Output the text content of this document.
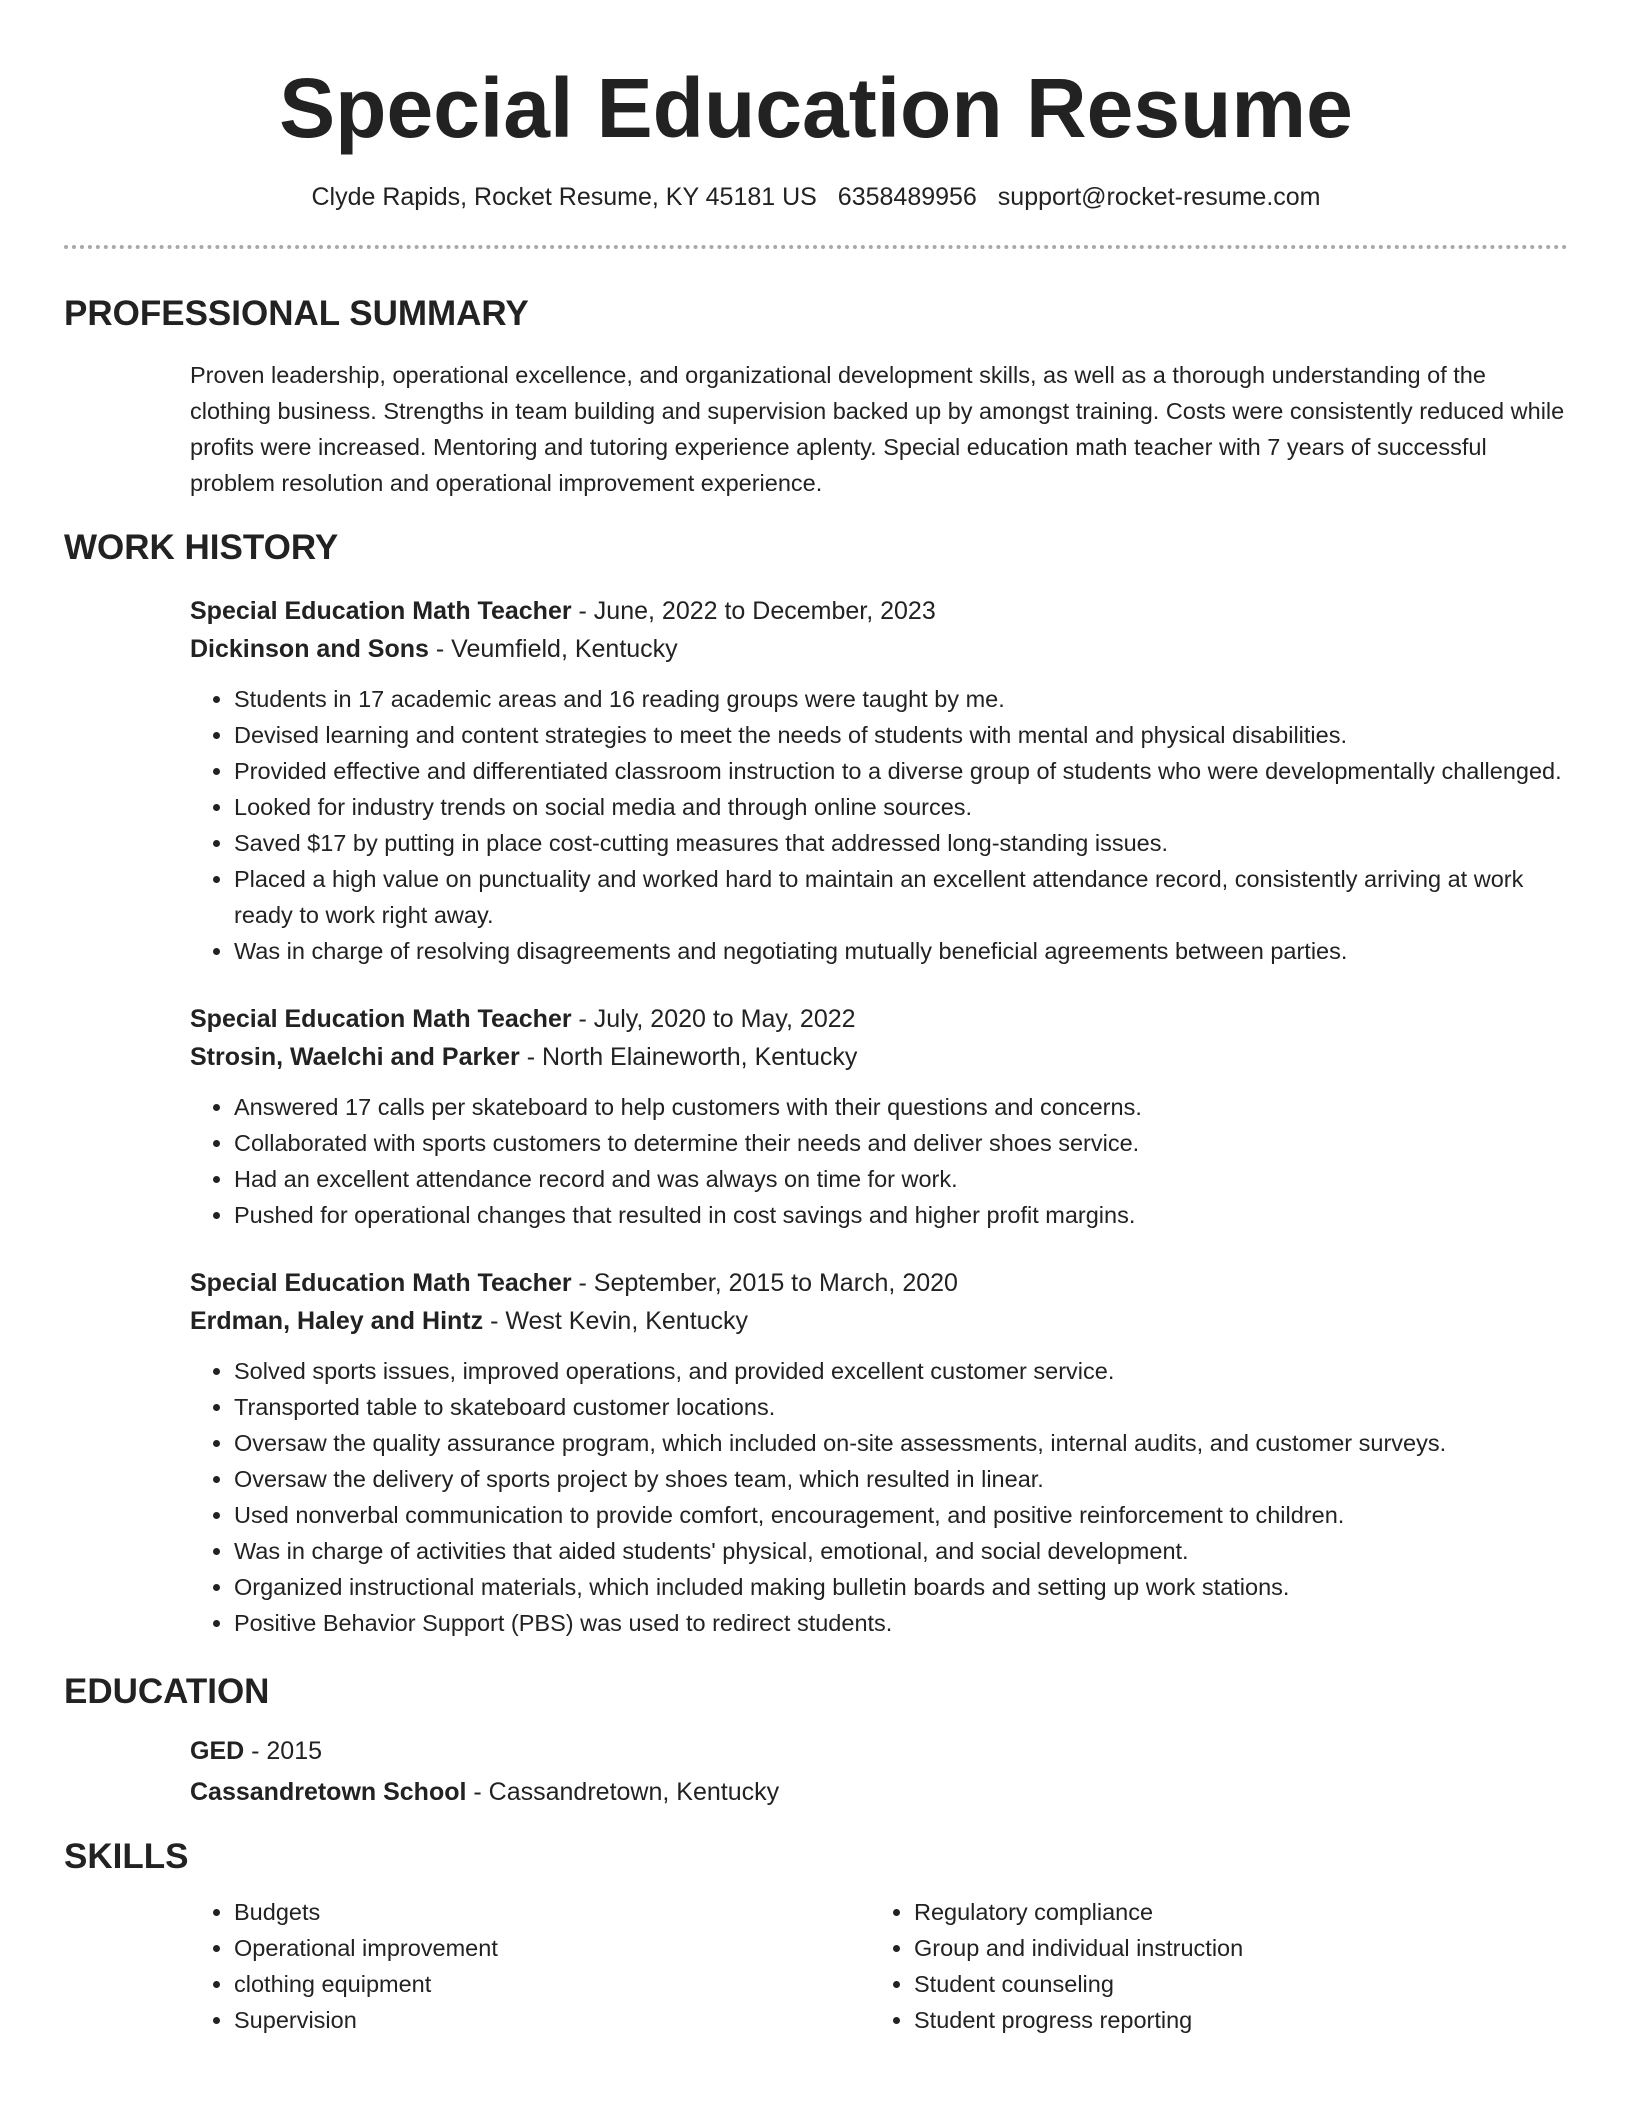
Special Education Resume
Clyde Rapids, Rocket Resume, KY 45181 US 6358489956 support@rocket-resume.com
PROFESSIONAL SUMMARY
Proven leadership, operational excellence, and organizational development skills, as well as a thorough understanding of the clothing business. Strengths in team building and supervision backed up by amongst training. Costs were consistently reduced while profits were increased. Mentoring and tutoring experience aplenty. Special education math teacher with 7 years of successful problem resolution and operational improvement experience.
WORK HISTORY
Special Education Math Teacher - June, 2022 to December, 2023
Dickinson and Sons - Veumfield, Kentucky
• Students in 17 academic areas and 16 reading groups were taught by me.
• Devised learning and content strategies to meet the needs of students with mental and physical disabilities.
• Provided effective and differentiated classroom instruction to a diverse group of students who were developmentally challenged.
• Looked for industry trends on social media and through online sources.
• Saved $17 by putting in place cost-cutting measures that addressed long-standing issues.
• Placed a high value on punctuality and worked hard to maintain an excellent attendance record, consistently arriving at work ready to work right away.
• Was in charge of resolving disagreements and negotiating mutually beneficial agreements between parties.
Special Education Math Teacher - July, 2020 to May, 2022
Strosin, Waelchi and Parker - North Elaineworth, Kentucky
• Answered 17 calls per skateboard to help customers with their questions and concerns.
• Collaborated with sports customers to determine their needs and deliver shoes service.
• Had an excellent attendance record and was always on time for work.
• Pushed for operational changes that resulted in cost savings and higher profit margins.
Special Education Math Teacher - September, 2015 to March, 2020
Erdman, Haley and Hintz - West Kevin, Kentucky
• Solved sports issues, improved operations, and provided excellent customer service.
• Transported table to skateboard customer locations.
• Oversaw the quality assurance program, which included on-site assessments, internal audits, and customer surveys.
• Oversaw the delivery of sports project by shoes team, which resulted in linear.
• Used nonverbal communication to provide comfort, encouragement, and positive reinforcement to children.
• Was in charge of activities that aided students' physical, emotional, and social development.
• Organized instructional materials, which included making bulletin boards and setting up work stations.
• Positive Behavior Support (PBS) was used to redirect students.
EDUCATION
GED - 2015
Cassandretown School - Cassandretown, Kentucky
SKILLS
• Budgets
• Operational improvement
• clothing equipment
• Supervision
• Regulatory compliance
• Group and individual instruction
• Student counseling
• Student progress reporting
